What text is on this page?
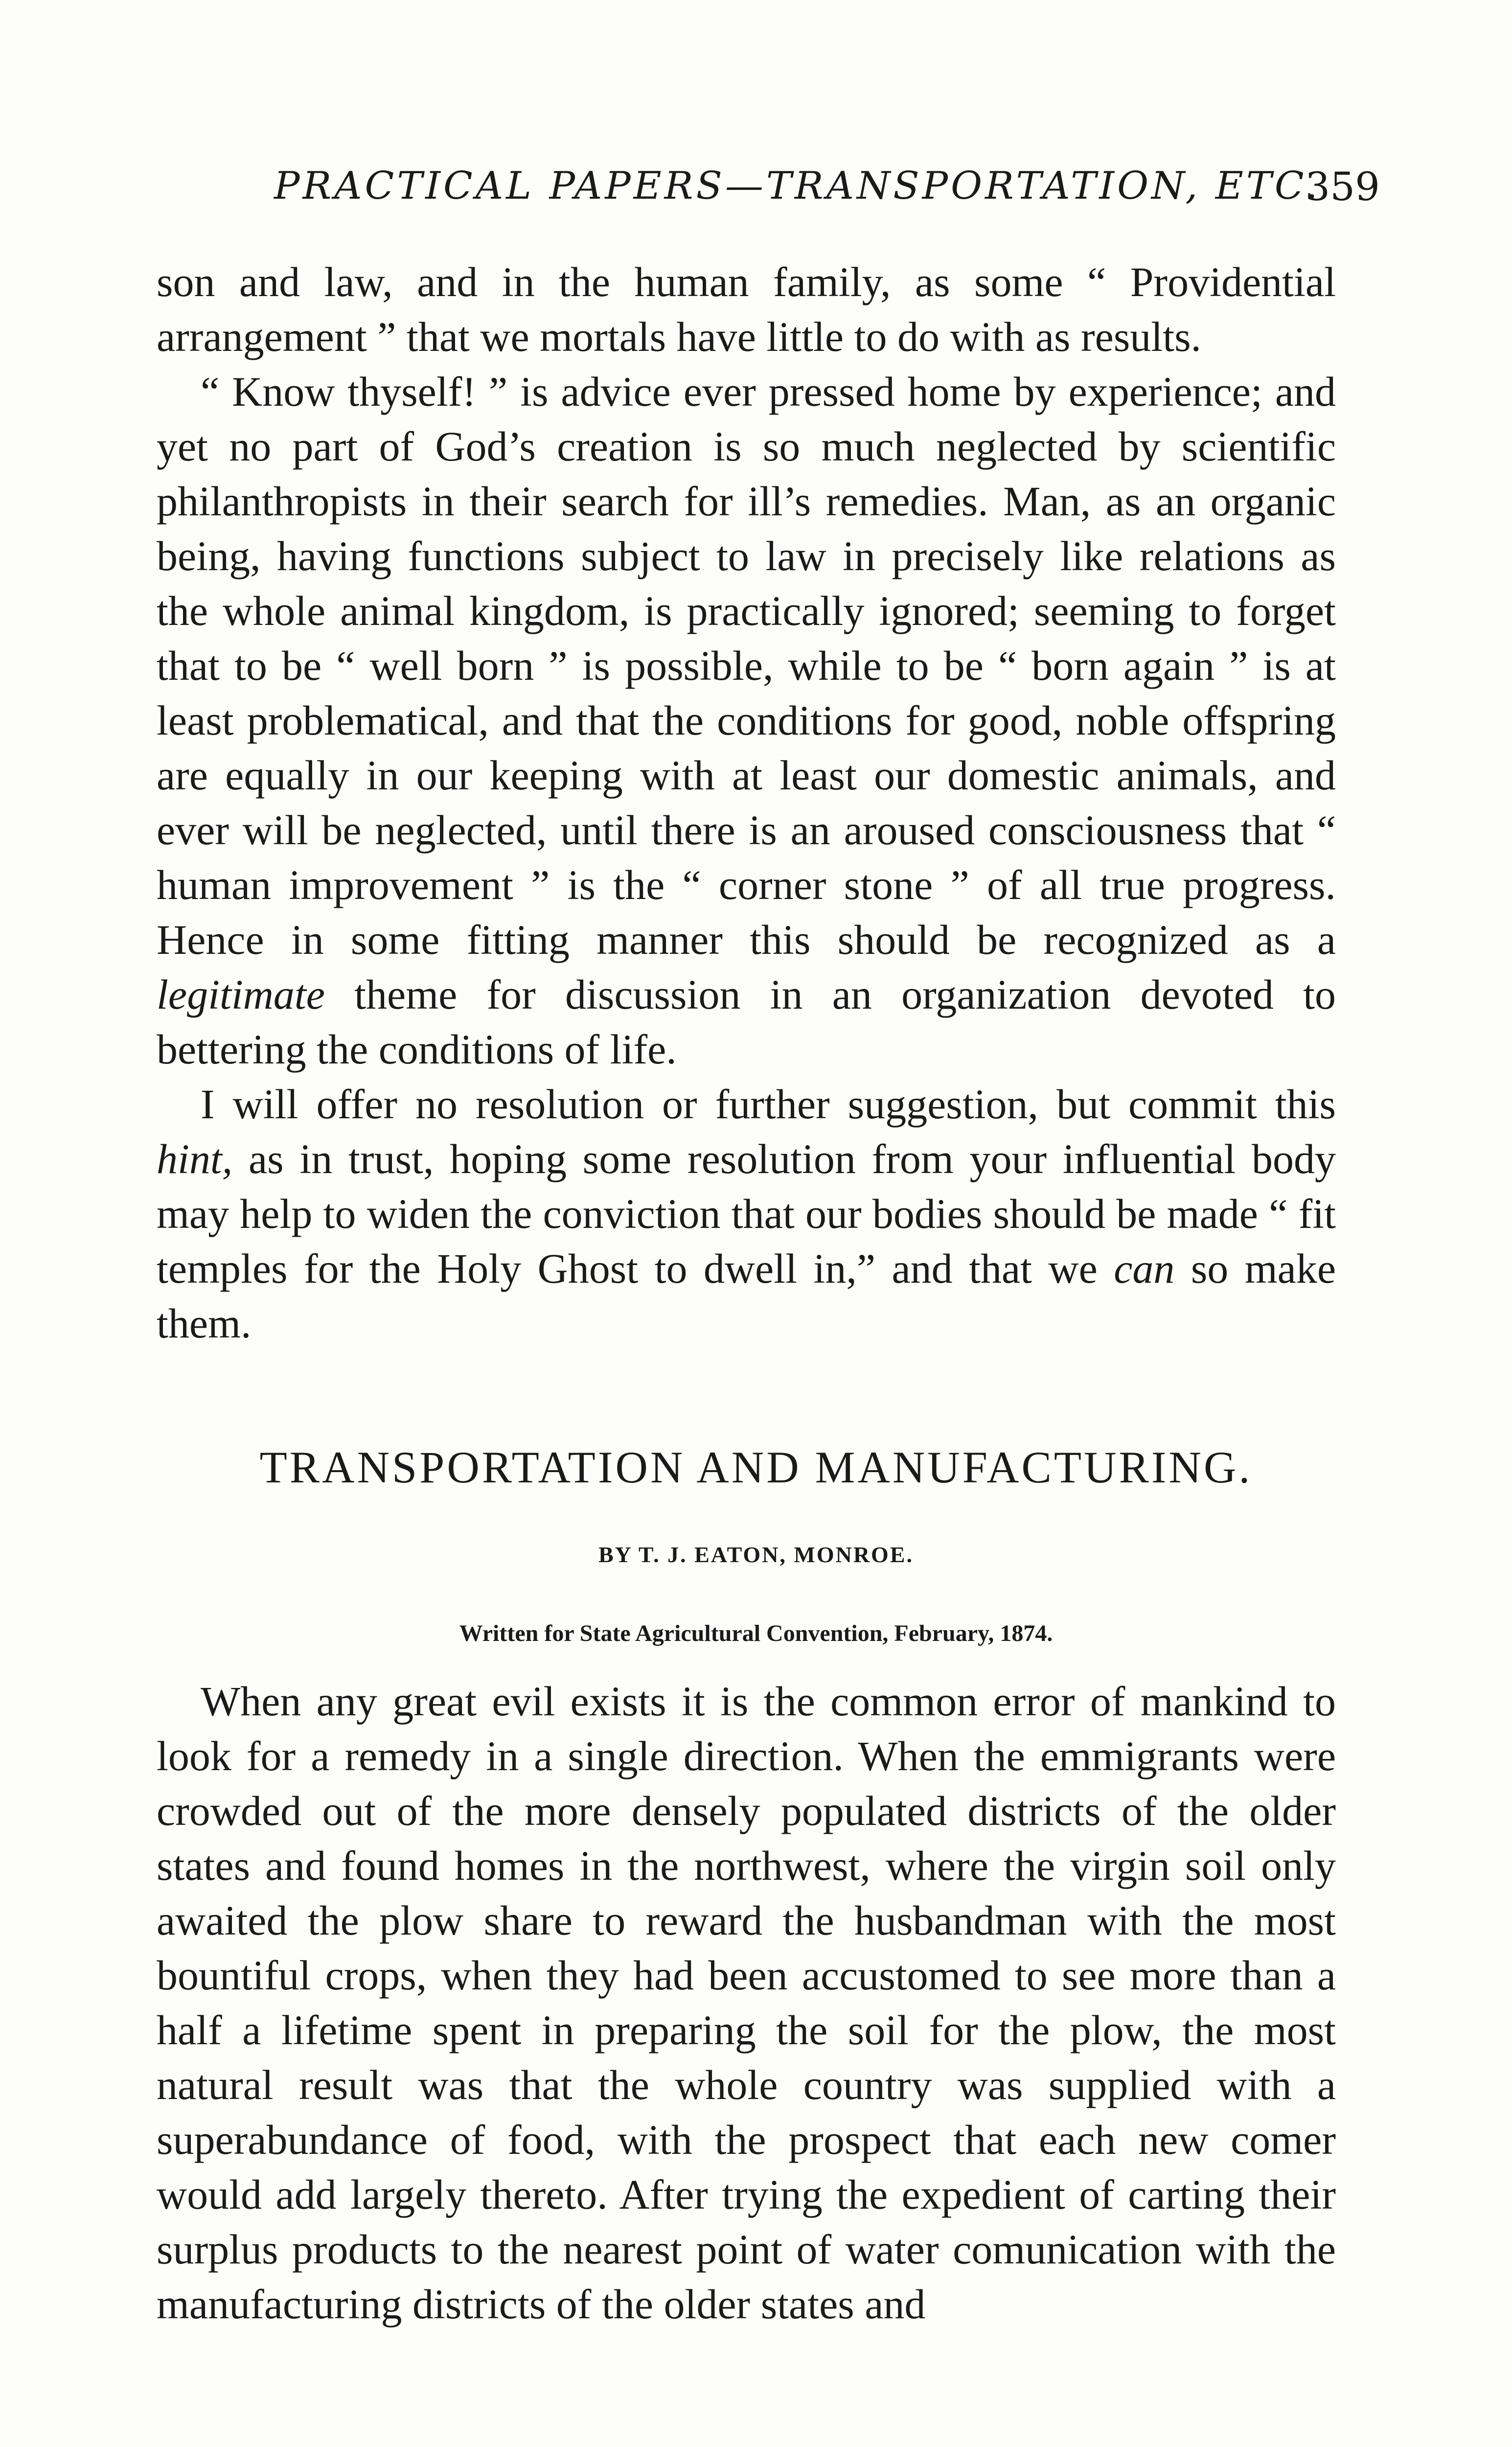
PRACTICAL PAPERS—TRANSPORTATION, ETC.
359

son and law, and in the human family, as some “ Providential arrangement ” that we mortals have little to do with as results.

“ Know thyself! ” is advice ever pressed home by experience; and yet no part of God’s creation is so much neglected by scientific philanthropists in their search for ill’s remedies. Man, as an organic being, having functions subject to law in precisely like relations as the whole animal kingdom, is practically ignored; seeming to forget that to be “ well born ” is possible, while to be “ born again ” is at least problematical, and that the conditions for good, noble offspring are equally in our keeping with at least our domestic animals, and ever will be neglected, until there is an aroused consciousness that “ human improvement ” is the “ corner stone ” of all true progress. Hence in some fitting manner this should be recognized as a legitimate theme for discussion in an organization devoted to bettering the conditions of life.

I will offer no resolution or further suggestion, but commit this hint, as in trust, hoping some resolution from your influential body may help to widen the conviction that our bodies should be made “ fit temples for the Holy Ghost to dwell in,” and that we can so make them.

TRANSPORTATION AND MANUFACTURING.
BY T. J. EATON, MONROE.
Written for State Agricultural Convention, February, 1874.

When any great evil exists it is the common error of mankind to look for a remedy in a single direction. When the emmigrants were crowded out of the more densely populated districts of the older states and found homes in the northwest, where the virgin soil only awaited the plow share to reward the husbandman with the most bountiful crops, when they had been accustomed to see more than a half a lifetime spent in preparing the soil for the plow, the most natural result was that the whole country was supplied with a superabundance of food, with the prospect that each new comer would add largely thereto. After trying the expedient of carting their surplus products to the nearest point of water comunication with the manufacturing districts of the older states and
